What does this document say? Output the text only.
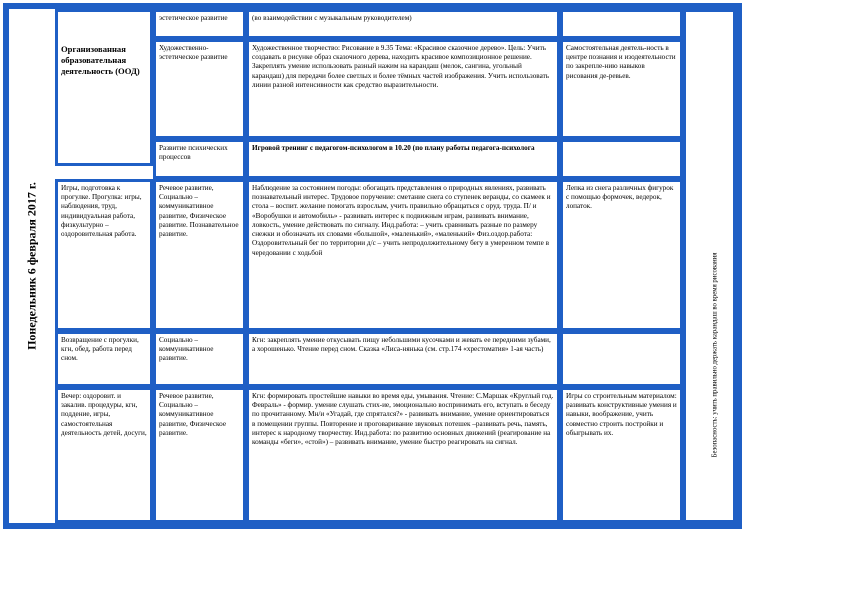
Понедельник 6 февраля 2017 г.

Организованная образовательная деятельность (ООД)

эстетическое развитие	(во взаимодействии с музыкальным руководителем)

Художественно-эстетическое развитие

Художественное творчество: Рисование в 9.35 Тема: «Красивое сказочное дерево». Цель: Учить создавать в рисунке образ сказочного дерева, находить красивое композиционное решение. Закреплять умение использовать разный нажим на карандаш (мелок, сангина, угольный карандаш) для передачи более светлых и более тёмных частей изображения. Учить использовать линии разной интенсивности как средство выразительности.

Самостоятельная деятель-ность в центре познания и изодеятельности по закрепле-нию навыков рисования де-ревьев.

Развитие психических процессов

Игровой тренинг с педагогом-психологом в 10.20 (по плану работы педагога-психолога

Игры, подготовка к прогулке. Прогулка: игры, наблюдения, труд, индивидуальная работа, физкультурно – оздоровительная работа.

Речевое развитие, Социально – коммуникативное развитие, Физическое развитие. Познавательное развитие.

Наблюдение за состоянием погоды: обогащать представления о природных явлениях, развивать познавательный интерес. Трудовое поручение: сметание снега со ступенек веранды, со скамеек и стола – воспит. желание помогать взрослым, учить правильно обращаться с оруд. труда. П/ и «Воробушки и автомобиль» - развивать интерес к подвижным играм, развивать внимание, ловкость, умение действовать по сигналу. Инд.работа: – учить сравнивать разные по размеру снежки и обозначать их словами «большой», «маленький», «маленький» Физ.оздор.работа: Оздоровительный бег по территории д/с – учить непродолжительному бегу в умеренном темпе в чередовании с ходьбой

Лепка из снега различных фигурок с помощью формочек, ведерок, лопаток.

Возвращение с прогулки, кгн, обед, работа перед сном.

Социально – коммуникативное развитие.

Кгн: закреплять умение откусывать пищу небольшими кусочками и жевать ее передними зубами, а хорошенько. Чтение перед сном. Сказка «Лиса-нянька (см. стр.174 «хрестоматия» 1-ая часть)

Вечер: оздоровит. и закалив. процедуры, кгн, поддение, игры, самостоятельная деятельность детей, досуги,

Речевое развитие, Социально – коммуникативное развитие, Физическое развитие.

Кгн: формировать простейшие навыки во время еды, умывания. Чтение: С.Маршак «Круглый год. Февраль» - формир. умение слушать стих-ие, эмоционально воспринимать его, вступать в беседу по прочитанному. Мн/и «Угадай, где спрятался?» - развивать внимание, умение ориентироваться в помещении группы. Повторение и проговаривание звуковых потешек –развивать речь, память, интерес к народному творчеству. Инд.работа: по развитию основных движений (реагирование на команды «беги», «стой») – развивать внимание, умение быстро реагировать на сигнал.

Игры со строительным материалом: развивать конструктивные умения и навыки, воображение, учить совместно строить постройки и обыгрывать их.	Безопасность: учить правильно держать карандаш во время рисования
